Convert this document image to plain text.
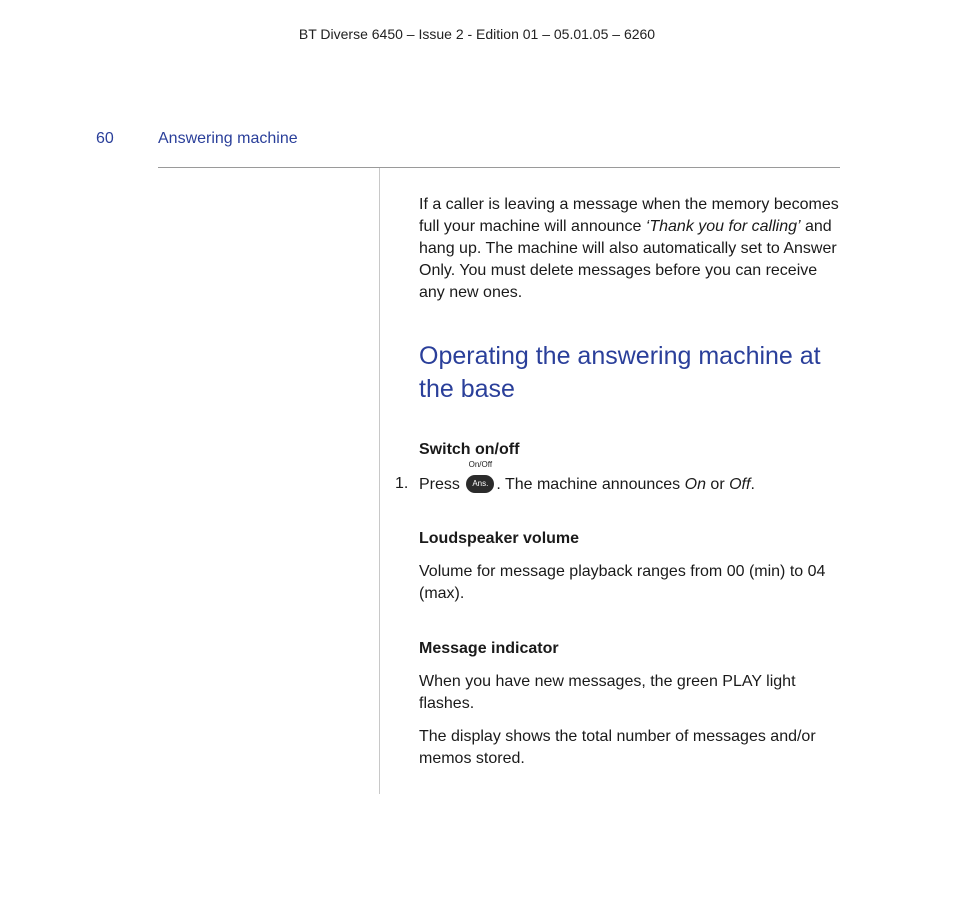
BT Diverse 6450 – Issue 2 - Edition 01 – 05.01.05 – 6260
60	Answering machine

If a caller is leaving a message when the memory becomes full your machine will announce ‘Thank you for calling’ and hang up. The machine will also automatically set to Answer Only. You must delete messages before you can receive any new ones.

Operating the answering machine at the base
Switch on/off
1. Press
On/Off
Ans. . The machine announces On or Off.
Loudspeaker volume

Volume for message playback ranges from 00 (min) to 04 (max).

Message indicator

When you have new messages, the green PLAY light flashes.

The display shows the total number of messages and/or memos stored.
